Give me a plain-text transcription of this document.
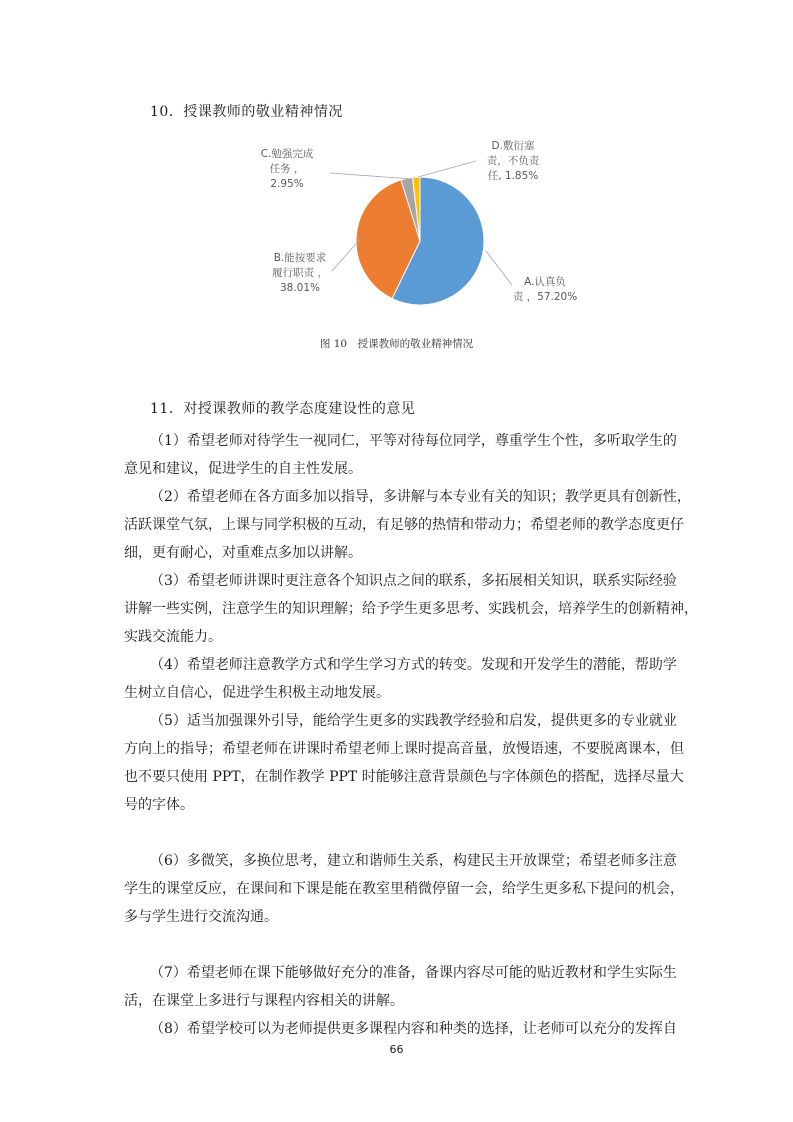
10．授课教师的敬业精神情况
C.勉强完成
任务 ，
2.95%
D.敷衍塞
责，不负责
任, 1.85%
B.能按要求
履行职责 ，
38.01%	A.认真负
责 ，57.20%
图 10　授课教师的敬业精神情况
11．对授课教师的教学态度建设性的意见
（1）希望老师对待学生一视同仁，平等对待每位同学，尊重学生个性，多听取学生的
意见和建议，促进学生的自主性发展。
（2）希望老师在各方面多加以指导，多讲解与本专业有关的知识；教学更具有创新性，
活跃课堂气氛，上课与同学积极的互动，有足够的热情和带动力；希望老师的教学态度更仔
细，更有耐心，对重难点多加以讲解。
（3）希望老师讲课时更注意各个知识点之间的联系，多拓展相关知识，联系实际经验
讲解一些实例，注意学生的知识理解；给予学生更多思考、实践机会，培养学生的创新精神，
实践交流能力。
（4）希望老师注意教学方式和学生学习方式的转变。发现和开发学生的潜能，帮助学
生树立自信心，促进学生积极主动地发展。
（5）适当加强课外引导，能给学生更多的实践教学经验和启发，提供更多的专业就业
方向上的指导；希望老师在讲课时希望老师上课时提高音量，放慢语速，不要脱离课本，但
也不要只使用 PPT，在制作教学 PPT 时能够注意背景颜色与字体颜色的搭配，选择尽量大
号的字体。
（6）多微笑，多换位思考，建立和谐师生关系，构建民主开放课堂；希望老师多注意
学生的课堂反应，在课间和下课是能在教室里稍微停留一会，给学生更多私下提问的机会，
多与学生进行交流沟通。
（7）希望老师在课下能够做好充分的准备，备课内容尽可能的贴近教材和学生实际生
活，在课堂上多进行与课程内容相关的讲解。
（8）希望学校可以为老师提供更多课程内容和种类的选择，让老师可以充分的发挥自
66
